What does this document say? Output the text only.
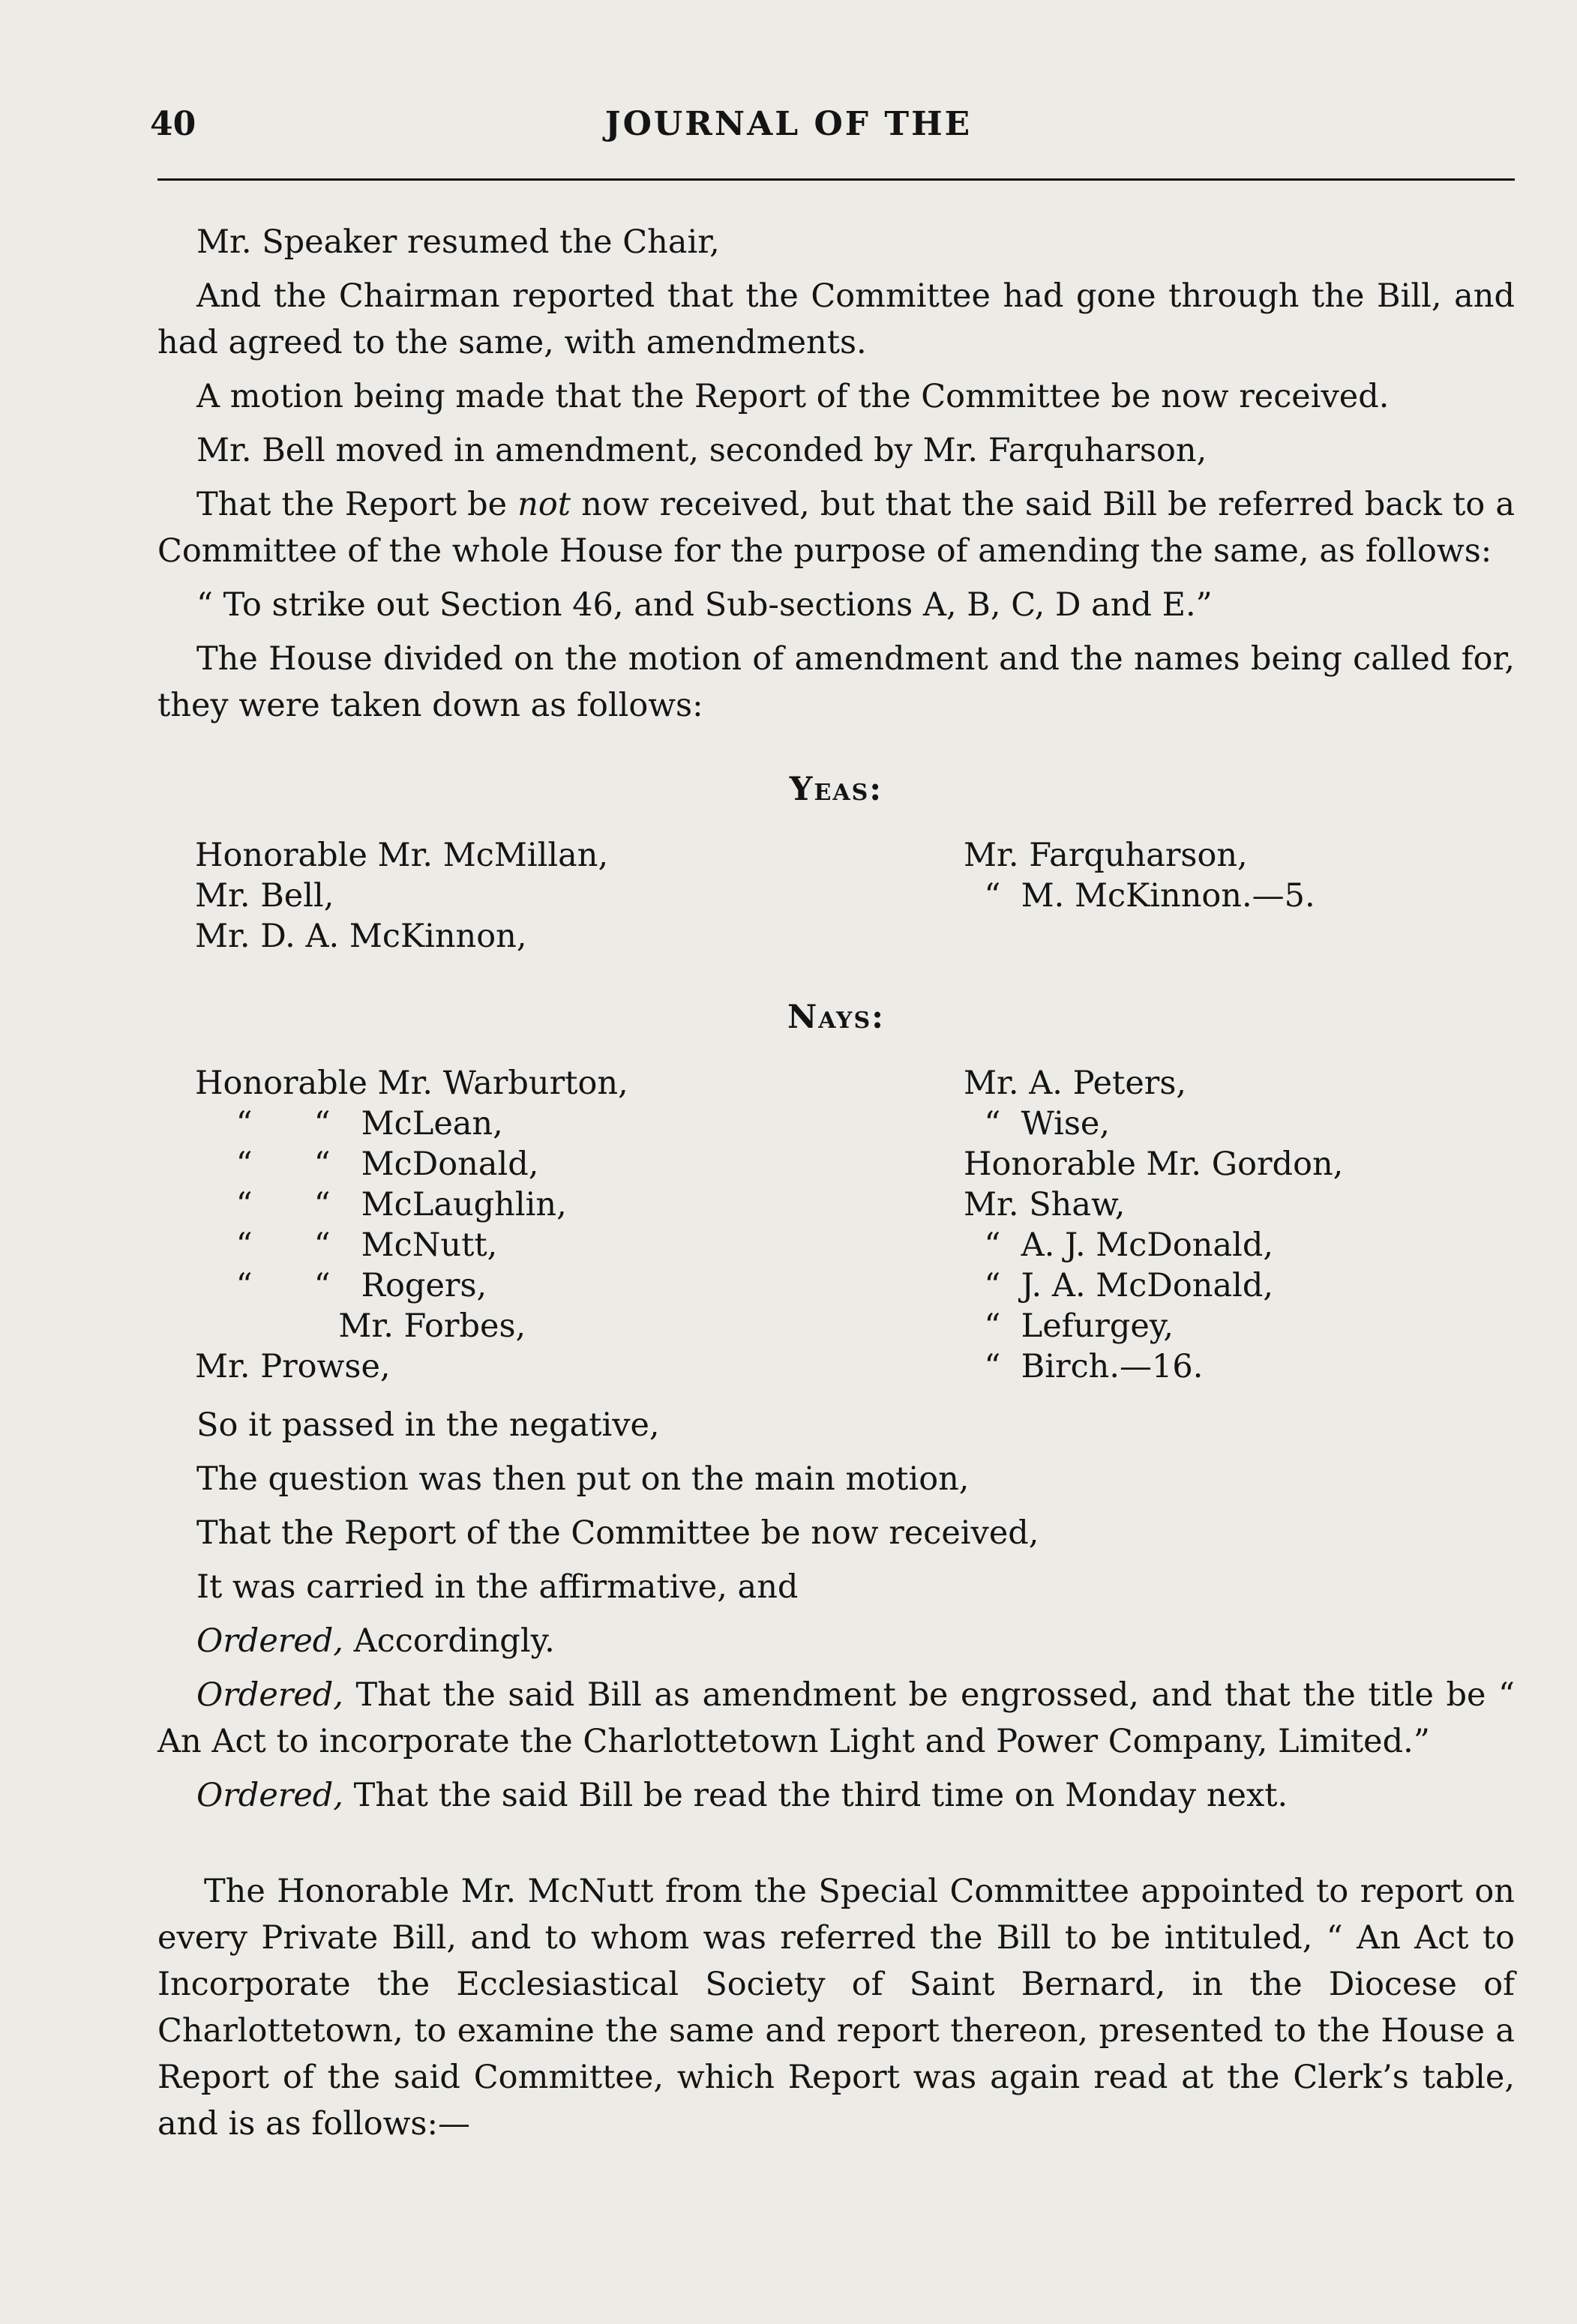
JOURNAL OF THE
40

Mr. Speaker resumed the Chair,

And the Chairman reported that the Committee had gone through the Bill, and had agreed to the same, with amendments.

A motion being made that the Report of the Committee be now received.

Mr. Bell moved in amendment, seconded by Mr. Farquharson,

That the Report be not now received, but that the said Bill be referred back to a Committee of the whole House for the purpose of amending the same, as follows:

“ To strike out Section 46, and Sub-sections A, B, C, D and E.”

The House divided on the motion of amendment and the names being called for, they were taken down as follows:

Yeas:
Honorable Mr. McMillan,
Mr. Bell,
Mr. D. A. McKinnon,
Mr. Farquharson,
“  M. McKinnon.—5.
Nays:
Honorable Mr. Warburton,
“      “   McLean,
“      “   McDonald,
“      “   McLaughlin,
“      “   McNutt,
“      “   Rogers,
Mr. Forbes,
Mr. Prowse,
Mr. A. Peters,
“  Wise,
Honorable Mr. Gordon,
Mr. Shaw,
“  A. J. McDonald,
“  J. A. McDonald,
“  Lefurgey,
“  Birch.—16.

So it passed in the negative,

The question was then put on the main motion,

That the Report of the Committee be now received,

It was carried in the affirmative, and

Ordered, Accordingly.

Ordered, That the said Bill as amendment be engrossed, and that the title be “ An Act to incorporate the Charlottetown Light and Power Company, Limited.”

Ordered, That the said Bill be read the third time on Monday next.

The Honorable Mr. McNutt from the Special Committee appointed to report on every Private Bill, and to whom was referred the Bill to be intituled, “ An Act to Incorporate the Ecclesiastical Society of Saint Bernard, in the Diocese of Charlottetown, to examine the same and report thereon, presented to the House a Report of the said Committee, which Report was again read at the Clerk’s table, and is as follows:—
